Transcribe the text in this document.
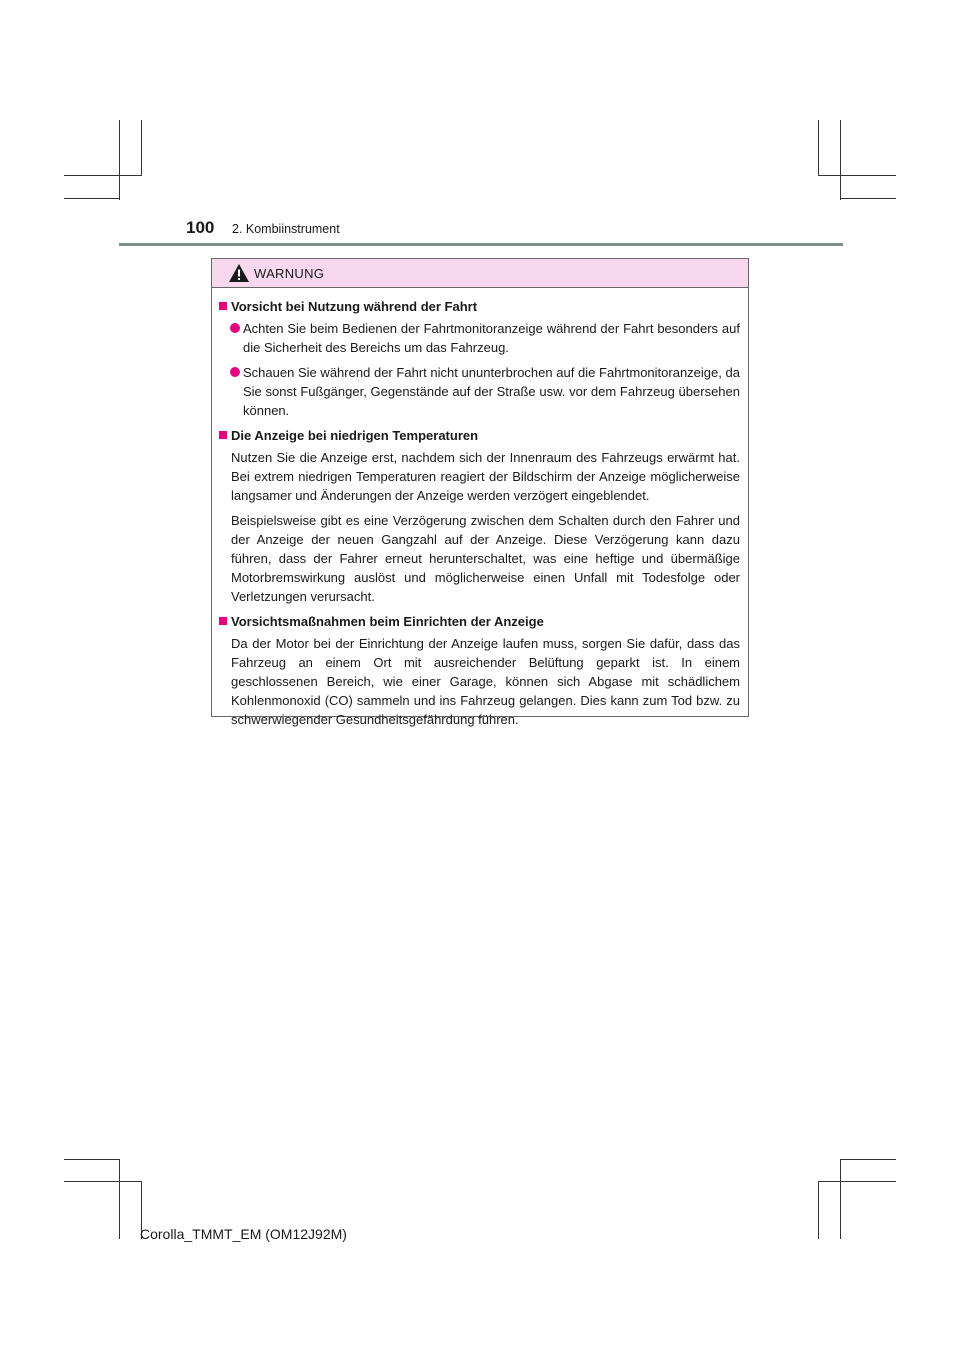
100 2. Kombiinstrument
WARNUNG
Vorsicht bei Nutzung während der Fahrt
Achten Sie beim Bedienen der Fahrtmonitoranzeige während der Fahrt besonders auf die Sicherheit des Bereichs um das Fahrzeug.
Schauen Sie während der Fahrt nicht ununterbrochen auf die Fahrtmonitoranzeige, da Sie sonst Fußgänger, Gegenstände auf der Straße usw. vor dem Fahrzeug übersehen können.
Die Anzeige bei niedrigen Temperaturen
Nutzen Sie die Anzeige erst, nachdem sich der Innenraum des Fahrzeugs erwärmt hat. Bei extrem niedrigen Temperaturen reagiert der Bildschirm der Anzeige möglicherweise langsamer und Änderungen der Anzeige werden verzögert eingeblendet.
Beispielsweise gibt es eine Verzögerung zwischen dem Schalten durch den Fahrer und der Anzeige der neuen Gangzahl auf der Anzeige. Diese Verzögerung kann dazu führen, dass der Fahrer erneut herunterschaltet, was eine heftige und übermäßige Motorbremswirkung auslöst und möglicherweise einen Unfall mit Todesfolge oder Verletzungen verursacht.
Vorsichtsmaßnahmen beim Einrichten der Anzeige
Da der Motor bei der Einrichtung der Anzeige laufen muss, sorgen Sie dafür, dass das Fahrzeug an einem Ort mit ausreichender Belüftung geparkt ist. In einem geschlossenen Bereich, wie einer Garage, können sich Abgase mit schädlichem Kohlenmonoxid (CO) sammeln und ins Fahrzeug gelangen. Dies kann zum Tod bzw. zu schwerwiegender Gesundheitsgefährdung führen.
Corolla_TMMT_EM (OM12J92M)
